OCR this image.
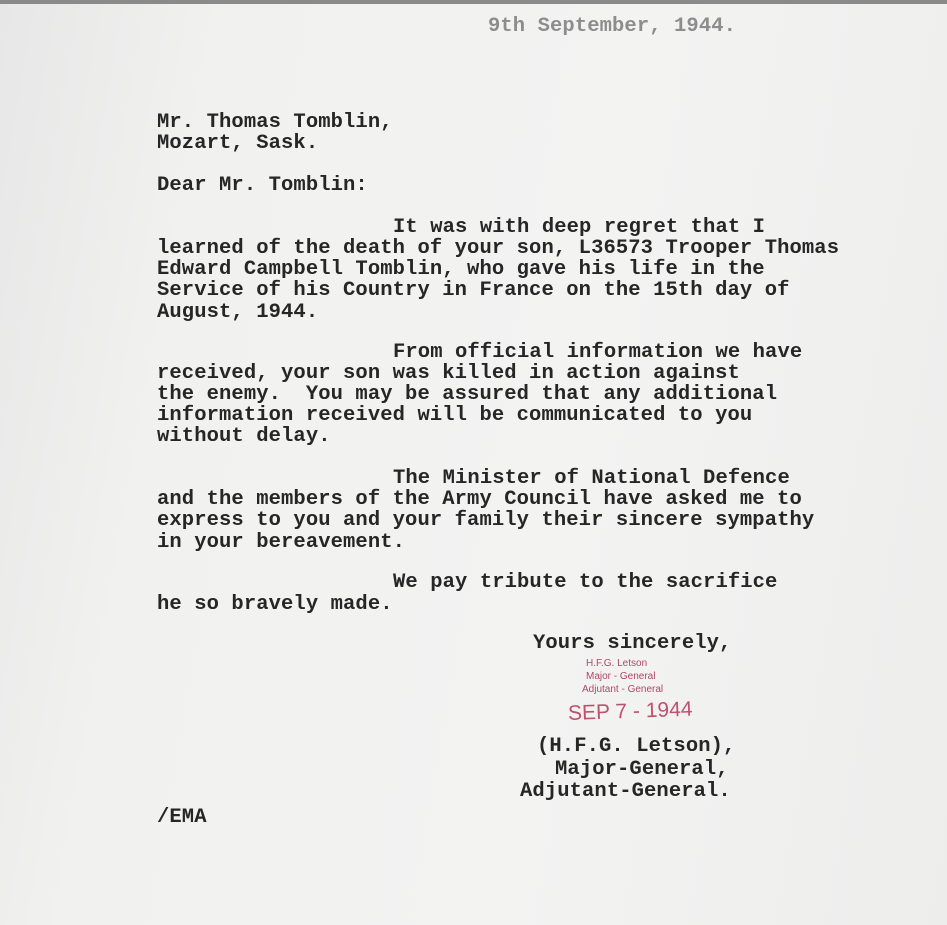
9th September, 1944.
Mr. Thomas Tomblin,
Mozart, Sask.
Dear Mr. Tomblin:
It was with deep regret that I
learned of the death of your son, L36573 Trooper Thomas
Edward Campbell Tomblin, who gave his life in the
Service of his Country in France on the 15th day of
August, 1944.
From official information we have
received, your son was killed in action against
the enemy.  You may be assured that any additional
information received will be communicated to you
without delay.
The Minister of National Defence
and the members of the Army Council have asked me to
express to you and your family their sincere sympathy
in your bereavement.
We pay tribute to the sacrifice
he so bravely made.
Yours sincerely,
H.F.G. Letson
Major - General
Adjutant - General
SEP 7 - 1944
(H.F.G. Letson),
Major-General,
Adjutant-General.
/EMA
